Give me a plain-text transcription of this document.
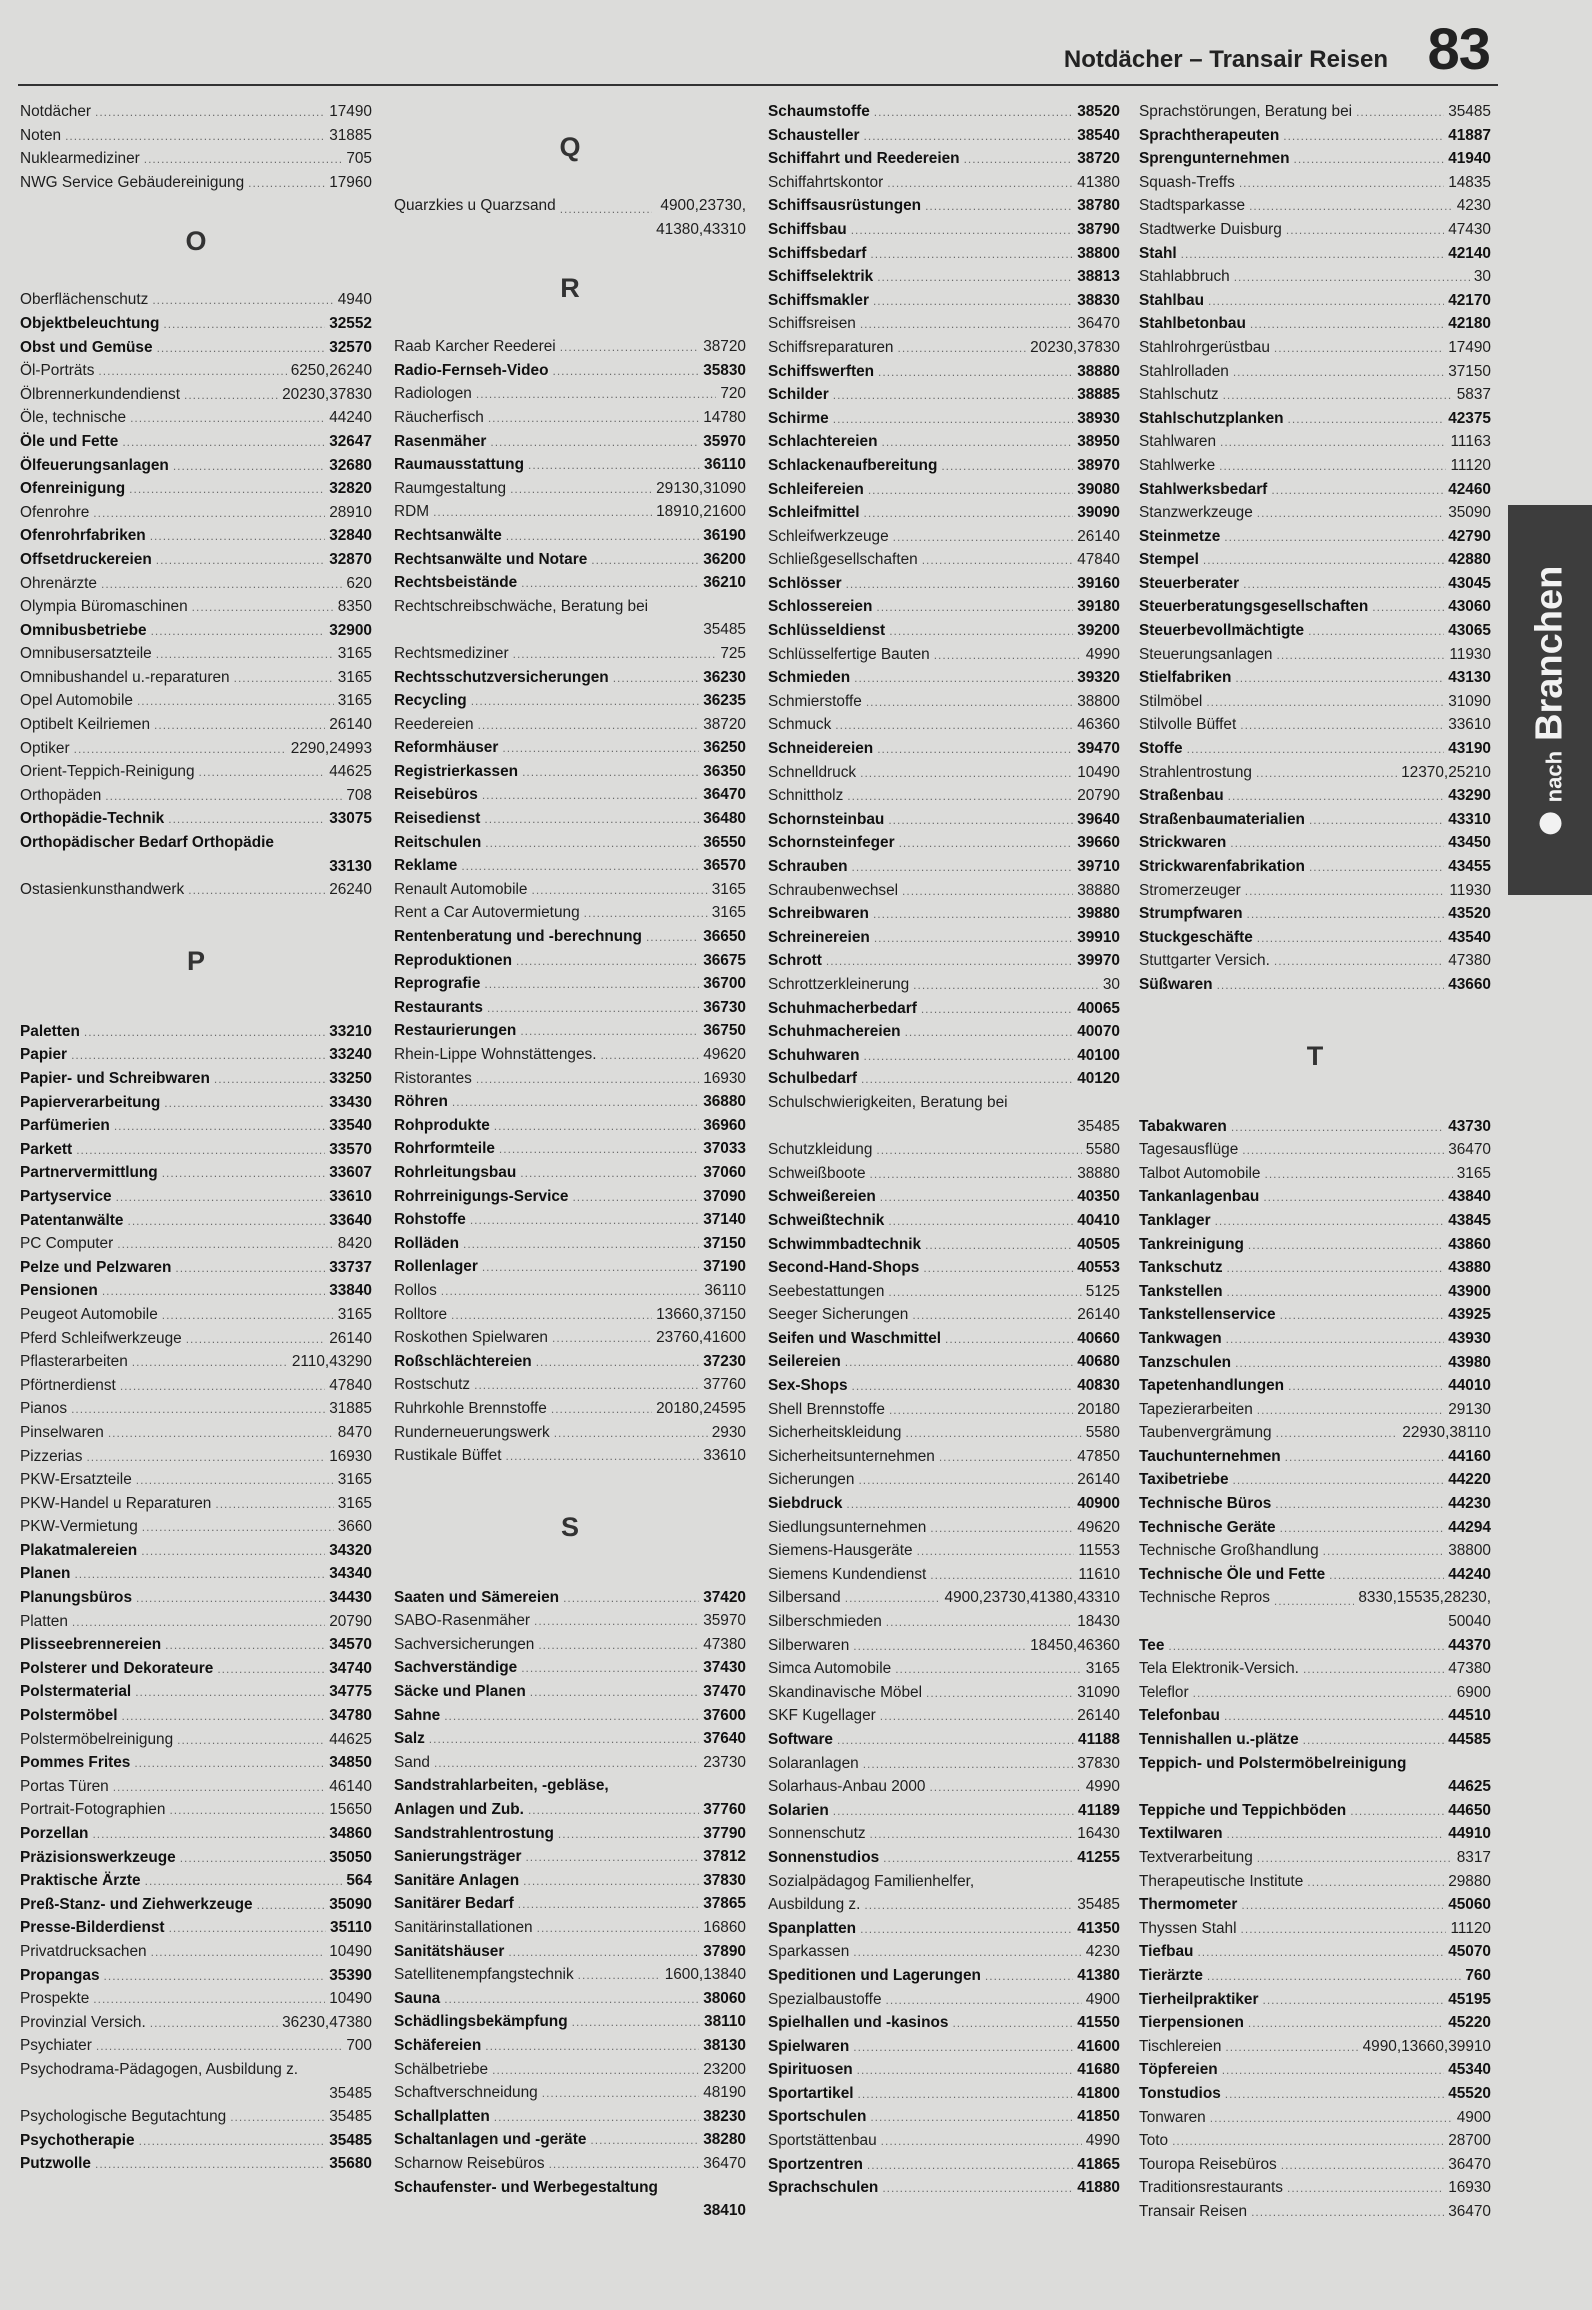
Notdächer – Transair Reisen 83
Notdächer .....	17490
Noten .....	31885
Nuklearmediziner .....	705
NWG Service Gebäudereinigung .....	17960
O
Oberflächenschutz .....	4940
Objektbeleuchtung .....	32552
Obst und Gemüse .....	32570
Öl-Porträts .....	6250,26240
Ölbrennerkundendienst .....	20230,37830
Öle, technische .....	44240
Öle und Fette .....	32647
Ölfeuerungsanlagen .....	32680
Ofenreinigung .....	32820
Ofenrohre .....	28910
Ofenrohrfabriken .....	32840
Offsetdruckereien .....	32870
Ohrenärzte .....	620
Olympia Büromaschinen .....	8350
Omnibusbetriebe .....	32900
Omnibusersatzteile .....	3165
Omnibushandel u.-reparaturen .....	3165
Opel Automobile .....	3165
Optibelt Keilriemen .....	26140
Optiker .....	2290,24993
Orient-Teppich-Reinigung .....	44625
Orthopäden .....	708
Orthopädie-Technik .....	33075
Orthopädischer Bedarf Orthopädie
33130
Ostasienkunsthandwerk .....	26240
P
Paletten .....	33210
Papier .....	33240
Papier- und Schreibwaren .....	33250
Papierverarbeitung .....	33430
Parfümerien .....	33540
Parkett .....	33570
Partnervermittlung .....	33607
Partyservice .....	33610
Patentanwälte .....	33640
PC Computer .....	8420
Pelze und Pelzwaren .....	33737
Pensionen .....	33840
Peugeot Automobile .....	3165
Pferd Schleifwerkzeuge .....	26140
Pflasterarbeiten .....	2110,43290
Pförtnerdienst .....	47840
Pianos .....	31885
Pinselwaren .....	8470
Pizzerias .....	16930
PKW-Ersatzteile .....	3165
PKW-Handel u Reparaturen .....	3165
PKW-Vermietung .....	3660
Plakatmalereien .....	34320
Planen .....	34340
Planungsbüros .....	34430
Platten .....	20790
Plisseebrennereien .....	34570
Polsterer und Dekorateure .....	34740
Polstermaterial .....	34775
Polstermöbel .....	34780
Polstermöbelreinigung .....	44625
Pommes Frites .....	34850
Portas Türen .....	46140
Portrait-Fotographien .....	15650
Porzellan .....	34860
Präzisionswerkzeuge .....	35050
Praktische Ärzte .....	564
Preß-Stanz- und Ziehwerkzeuge .....	35090
Presse-Bilderdienst .....	35110
Privatdrucksachen .....	10490
Propangas .....	35390
Prospekte .....	10490
Provinzial Versich. .....	36230,47380
Psychiater .....	700
Psychodrama-Pädagogen, Ausbildung z.
35485
Psychologische Begutachtung .....	35485
Psychotherapie .....	35485
Putzwolle .....	35680
Q
Quarzkies u Quarzsand .....	4900,23730,
41380,43310
R
Raab Karcher Reederei .....	38720
Radio-Fernseh-Video .....	35830
Radiologen .....	720
Räucherfisch .....	14780
Rasenmäher .....	35970
Raumausstattung .....	36110
Raumgestaltung .....	29130,31090
RDM .....	18910,21600
Rechtsanwälte .....	36190
Rechtsanwälte und Notare .....	36200
Rechtsbeistände .....	36210
Rechtschreibschwäche, Beratung bei
35485
Rechtsmediziner .....	725
Rechtsschutzversicherungen .....	36230
Recycling .....	36235
Reedereien .....	38720
Reformhäuser .....	36250
Registrierkassen .....	36350
Reisebüros .....	36470
Reisedienst .....	36480
Reitschulen .....	36550
Reklame .....	36570
Renault Automobile .....	3165
Rent a Car Autovermietung .....	3165
Rentenberatung und -berechnung .....	36650
Reproduktionen .....	36675
Reprografie .....	36700
Restaurants .....	36730
Restaurierungen .....	36750
Rhein-Lippe Wohnstättenges. .....	49620
Ristorantes .....	16930
Röhren .....	36880
Rohprodukte .....	36960
Rohrformteile .....	37033
Rohrleitungsbau .....	37060
Rohrreinigungs-Service .....	37090
Rohstoffe .....	37140
Rolläden .....	37150
Rollenlager .....	37190
Rollos .....	36110
Rolltore .....	13660,37150
Roskothen Spielwaren .....	23760,41600
Roßschlächtereien .....	37230
Rostschutz .....	37760
Ruhrkohle Brennstoffe .....	20180,24595
Runderneuerungswerk .....	2930
Rustikale Büffet .....	33610
S
Saaten und Sämereien .....	37420
SABO-Rasenmäher .....	35970
Sachversicherungen .....	47380
Sachverständige .....	37430
Säcke und Planen .....	37470
Sahne .....	37600
Salz .....	37640
Sand .....	23730
Sandstrahlarbeiten, -gebläse,
Anlagen und Zub. .....	37760
Sandstrahlentrostung .....	37790
Sanierungsträger .....	37812
Sanitäre Anlagen .....	37830
Sanitärer Bedarf .....	37865
Sanitärinstallationen .....	16860
Sanitätshäuser .....	37890
Satellitenempfangstechnik .....	1600,13840
Sauna .....	38060
Schädlingsbekämpfung .....	38110
Schäfereien .....	38130
Schälbetriebe .....	23200
Schaftverschneidung .....	48190
Schallplatten .....	38230
Schaltanlagen und -geräte .....	38280
Scharnow Reisebüros .....	36470
Schaufenster- und Werbegestaltung
38410
Schaumstoffe .....	38520
Schausteller .....	38540
Schiffahrt und Reedereien .....	38720
Schiffahrtskontor .....	41380
Schiffsausrüstungen .....	38780
Schiffsbau .....	38790
Schiffsbedarf .....	38800
Schiffselektrik .....	38813
Schiffsmakler .....	38830
Schiffsreisen .....	36470
Schiffsreparaturen .....	20230,37830
Schiffswerften .....	38880
Schilder .....	38885
Schirme .....	38930
Schlachtereien .....	38950
Schlackenaufbereitung .....	38970
Schleifereien .....	39080
Schleifmittel .....	39090
Schleifwerkzeuge .....	26140
Schließgesellschaften .....	47840
Schlösser .....	39160
Schlossereien .....	39180
Schlüsseldienst .....	39200
Schlüsselfertige Bauten .....	4990
Schmieden .....	39320
Schmierstoffe .....	38800
Schmuck .....	46360
Schneidereien .....	39470
Schnelldruck .....	10490
Schnittholz .....	20790
Schornsteinbau .....	39640
Schornsteinfeger .....	39660
Schrauben .....	39710
Schraubenwechsel .....	38880
Schreibwaren .....	39880
Schreinereien .....	39910
Schrott .....	39970
Schrottzerkleinerung .....	30
Schuhmacherbedarf .....	40065
Schuhmachereien .....	40070
Schuhwaren .....	40100
Schulbedarf .....	40120
Schulschwierigkeiten, Beratung bei
35485
Schutzkleidung .....	5580
Schweißboote .....	38880
Schweißereien .....	40350
Schweißtechnik .....	40410
Schwimmbadtechnik .....	40505
Second-Hand-Shops .....	40553
Seebestattungen .....	5125
Seeger Sicherungen .....	26140
Seifen und Waschmittel .....	40660
Seilereien .....	40680
Sex-Shops .....	40830
Shell Brennstoffe .....	20180
Sicherheitskleidung .....	5580
Sicherheitsunternehmen .....	47850
Sicherungen .....	26140
Siebdruck .....	40900
Siedlungsunternehmen .....	49620
Siemens-Hausgeräte .....	11553
Siemens Kundendienst .....	11610
Silbersand .....	4900,23730,41380,43310
Silberschmieden .....	18430
Silberwaren .....	18450,46360
Simca Automobile .....	3165
Skandinavische Möbel .....	31090
SKF Kugellager .....	26140
Software .....	41188
Solaranlagen .....	37830
Solarhaus-Anbau 2000 .....	4990
Solarien .....	41189
Sonnenschutz .....	16430
Sonnenstudios .....	41255
Sozialpädagog Familienhelfer,
Ausbildung z. .....	35485
Spanplatten .....	41350
Sparkassen .....	4230
Speditionen und Lagerungen .....	41380
Spezialbaustoffe .....	4900
Spielhallen und -kasinos .....	41550
Spielwaren .....	41600
Spirituosen .....	41680
Sportartikel .....	41800
Sportschulen .....	41850
Sportstättenbau .....	4990
Sportzentren .....	41865
Sprachschulen .....	41880
Sprachstörungen, Beratung bei .....	35485
Sprachtherapeuten .....	41887
Sprengunternehmen .....	41940
Squash-Treffs .....	14835
Stadtsparkasse .....	4230
Stadtwerke Duisburg .....	47430
Stahl .....	42140
Stahlabbruch .....	30
Stahlbau .....	42170
Stahlbetonbau .....	42180
Stahlrohrgerüstbau .....	17490
Stahlrolladen .....	37150
Stahlschutz .....	5837
Stahlschutzplanken .....	42375
Stahlwaren .....	11163
Stahlwerke .....	11120
Stahlwerksbedarf .....	42460
Stanzwerkzeuge .....	35090
Steinmetze .....	42790
Stempel .....	42880
Steuerberater .....	43045
Steuerberatungsgesellschaften .....	43060
Steuerbevollmächtigte .....	43065
Steuerungsanlagen .....	11930
Stielfabriken .....	43130
Stilmöbel .....	31090
Stilvolle Büffet .....	33610
Stoffe .....	43190
Strahlentrostung .....	12370,25210
Straßenbau .....	43290
Straßenbaumaterialien .....	43310
Strickwaren .....	43450
Strickwarenfabrikation .....	43455
Stromerzeuger .....	11930
Strumpfwaren .....	43520
Stuckgeschäfte .....	43540
Stuttgarter Versich. .....	47380
Süßwaren .....	43660
T
Tabakwaren .....	43730
Tagesausflüge .....	36470
Talbot Automobile .....	3165
Tankanlagenbau .....	43840
Tanklager .....	43845
Tankreinigung .....	43860
Tankschutz .....	43880
Tankstellen .....	43900
Tankstellenservice .....	43925
Tankwagen .....	43930
Tanzschulen .....	43980
Tapetenhandlungen .....	44010
Tapezierarbeiten .....	29130
Taubenvergrämung .....	22930,38110
Tauchunternehmen .....	44160
Taxibetriebe .....	44220
Technische Büros .....	44230
Technische Geräte .....	44294
Technische Großhandlung .....	38800
Technische Öle und Fette .....	44240
Technische Repros .....	8330,15535,28230,
50040
Tee .....	44370
Tela Elektronik-Versich. .....	47380
Teleflor .....	6900
Telefonbau .....	44510
Tennishallen u.-plätze .....	44585
Teppich- und Polstermöbelreinigung
44625
Teppiche und Teppichböden .....	44650
Textilwaren .....	44910
Textverarbeitung .....	8317
Therapeutische Institute .....	29880
Thermometer .....	45060
Thyssen Stahl .....	11120
Tiefbau .....	45070
Tierärzte .....	760
Tierheilpraktiker .....	45195
Tierpensionen .....	45220
Tischlereien .....	4990,13660,39910
Töpfereien .....	45340
Tonstudios .....	45520
Tonwaren .....	4900
Toto .....	28700
Touropa Reisebüros .....	36470
Traditionsrestaurants .....	16930
Transair Reisen .....	36470
nach
Branchen
